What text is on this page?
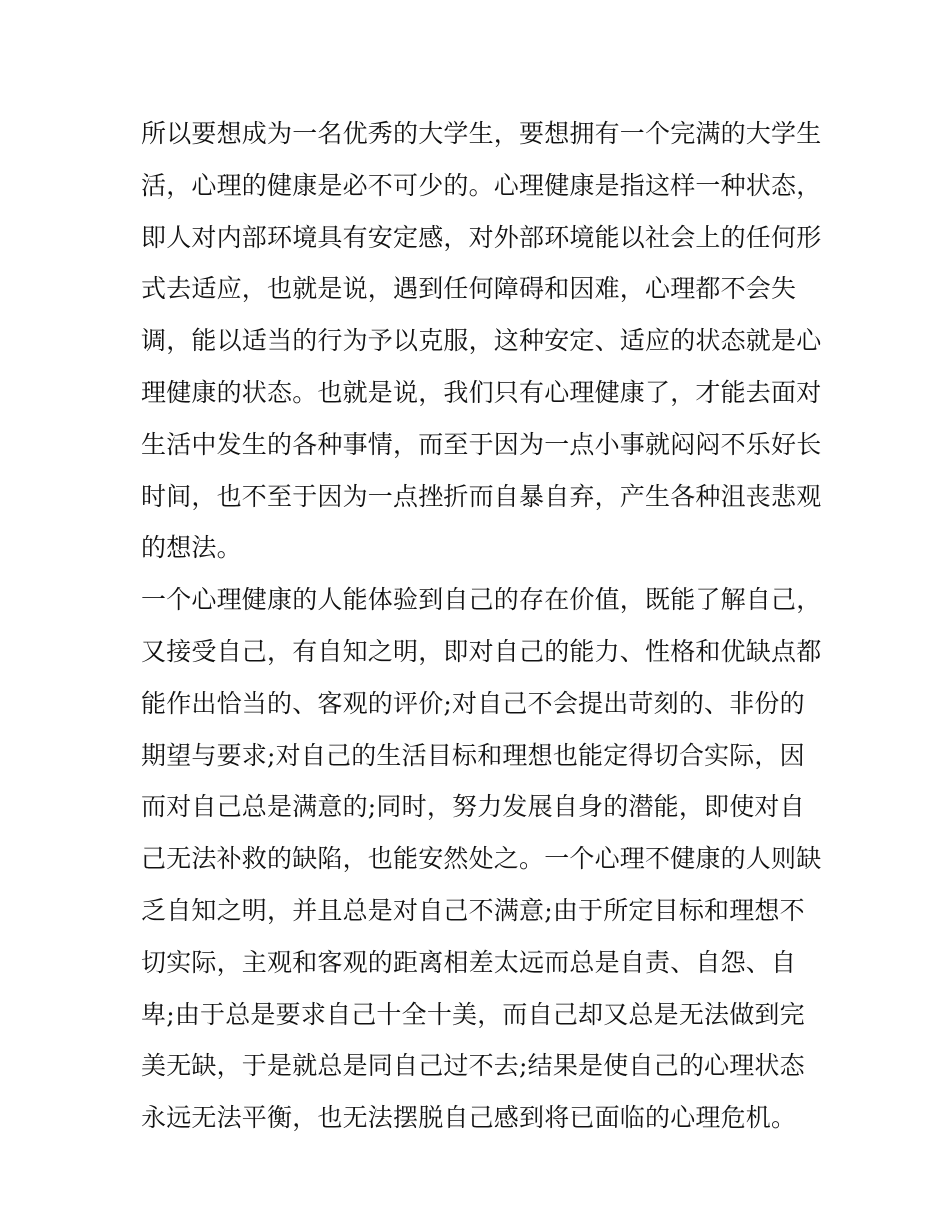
所以要想成为一名优秀的大学生，要想拥有一个完满的大学生
活，心理的健康是必不可少的。心理健康是指这样一种状态，
即人对内部环境具有安定感，对外部环境能以社会上的任何形
式去适应，也就是说，遇到任何障碍和因难，心理都不会失
调，能以适当的行为予以克服，这种安定、适应的状态就是心
理健康的状态。也就是说，我们只有心理健康了，才能去面对
生活中发生的各种事情，而至于因为一点小事就闷闷不乐好长
时间，也不至于因为一点挫折而自暴自弃，产生各种沮丧悲观
的想法。
一个心理健康的人能体验到自己的存在价值，既能了解自己，
又接受自己，有自知之明，即对自己的能力、性格和优缺点都
能作出恰当的、客观的评价;对自己不会提出苛刻的、非份的
期望与要求;对自己的生活目标和理想也能定得切合实际，因
而对自己总是满意的;同时，努力发展自身的潜能，即使对自
己无法补救的缺陷，也能安然处之。一个心理不健康的人则缺
乏自知之明，并且总是对自己不满意;由于所定目标和理想不
切实际，主观和客观的距离相差太远而总是自责、自怨、自
卑;由于总是要求自己十全十美，而自己却又总是无法做到完
美无缺，于是就总是同自己过不去;结果是使自己的心理状态
永远无法平衡，也无法摆脱自己感到将已面临的心理危机。
